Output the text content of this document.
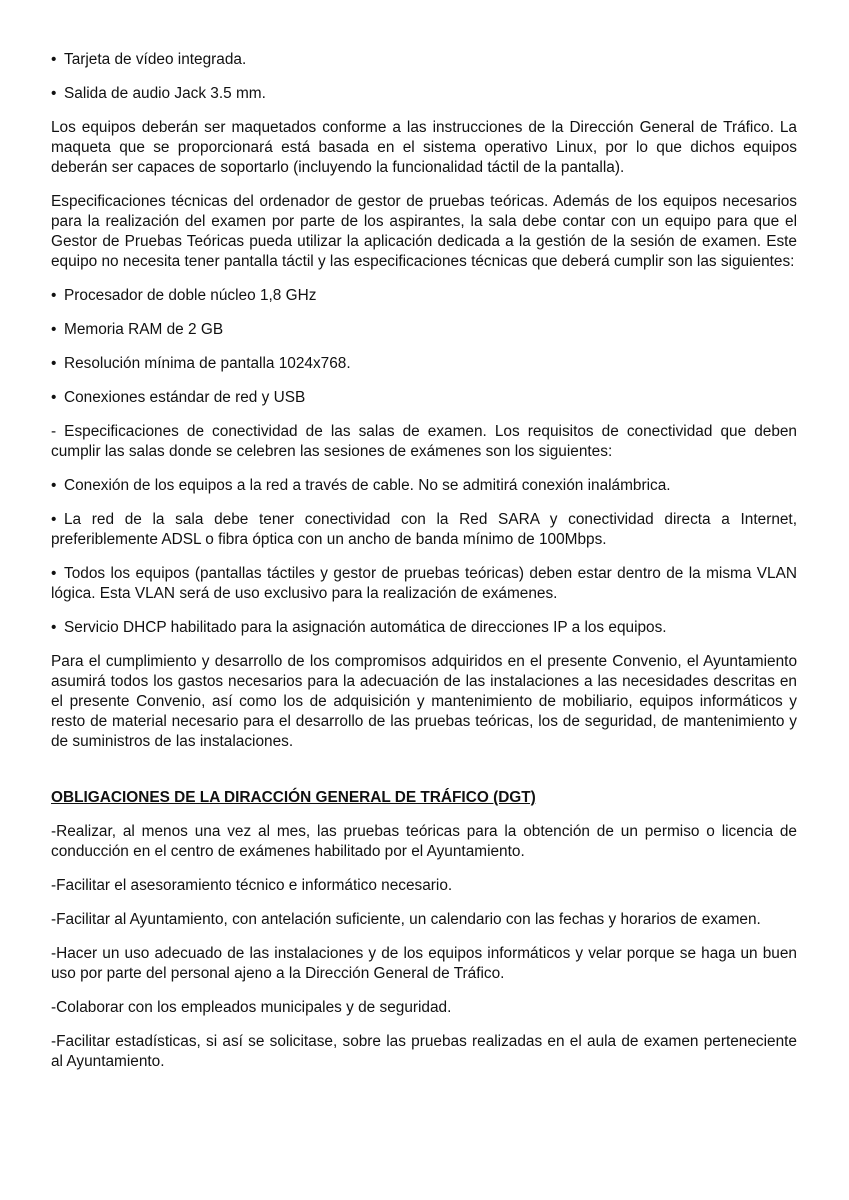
• Tarjeta de vídeo integrada.
• Salida de audio Jack 3.5 mm.

Los equipos deberán ser maquetados conforme a las instrucciones de la Dirección General de Tráfico. La maqueta que se proporcionará está basada en el sistema operativo Linux, por lo que dichos equipos deberán ser capaces de soportarlo (incluyendo la funcionalidad táctil de la pantalla).

Especificaciones técnicas del ordenador de gestor de pruebas teóricas. Además de los equipos necesarios para la realización del examen por parte de los aspirantes, la sala debe contar con un equipo para que el Gestor de Pruebas Teóricas pueda utilizar la aplicación dedicada a la gestión de la sesión de examen. Este equipo no necesita tener pantalla táctil y las especificaciones técnicas que deberá cumplir son las siguientes:

• Procesador de doble núcleo 1,8 GHz
• Memoria RAM de 2 GB
• Resolución mínima de pantalla 1024x768.
• Conexiones estándar de red y USB

- Especificaciones de conectividad de las salas de examen. Los requisitos de conectividad que deben cumplir las salas donde se celebren las sesiones de exámenes son los siguientes:

• Conexión de los equipos a la red a través de cable. No se admitirá conexión inalámbrica.
• La red de la sala debe tener conectividad con la Red SARA y conectividad directa a Internet, preferiblemente ADSL o fibra óptica con un ancho de banda mínimo de 100Mbps.
• Todos los equipos (pantallas táctiles y gestor de pruebas teóricas) deben estar dentro de la misma VLAN lógica. Esta VLAN será de uso exclusivo para la realización de exámenes.
• Servicio DHCP habilitado para la asignación automática de direcciones IP a los equipos.

Para el cumplimiento y desarrollo de los compromisos adquiridos en el presente Convenio, el Ayuntamiento asumirá todos los gastos necesarios para la adecuación de las instalaciones a las necesidades descritas en el presente Convenio, así como los de adquisición y mantenimiento de mobiliario, equipos informáticos y resto de material necesario para el desarrollo de las pruebas teóricas, los de seguridad, de mantenimiento y de suministros de las instalaciones.

OBLIGACIONES DE LA DIRACCIÓN GENERAL DE TRÁFICO (DGT)

-Realizar, al menos una vez al mes, las pruebas teóricas para la obtención de un permiso o licencia de conducción en el centro de exámenes habilitado por el Ayuntamiento.

-Facilitar el asesoramiento técnico e informático necesario.

-Facilitar al Ayuntamiento, con antelación suficiente, un calendario con las fechas y horarios de examen.

-Hacer un uso adecuado de las instalaciones y de los equipos informáticos y velar porque se haga un buen uso por parte del personal ajeno a la Dirección General de Tráfico.

-Colaborar con los empleados municipales y de seguridad.

-Facilitar estadísticas, si así se solicitase, sobre las pruebas realizadas en el aula de examen perteneciente al Ayuntamiento.
